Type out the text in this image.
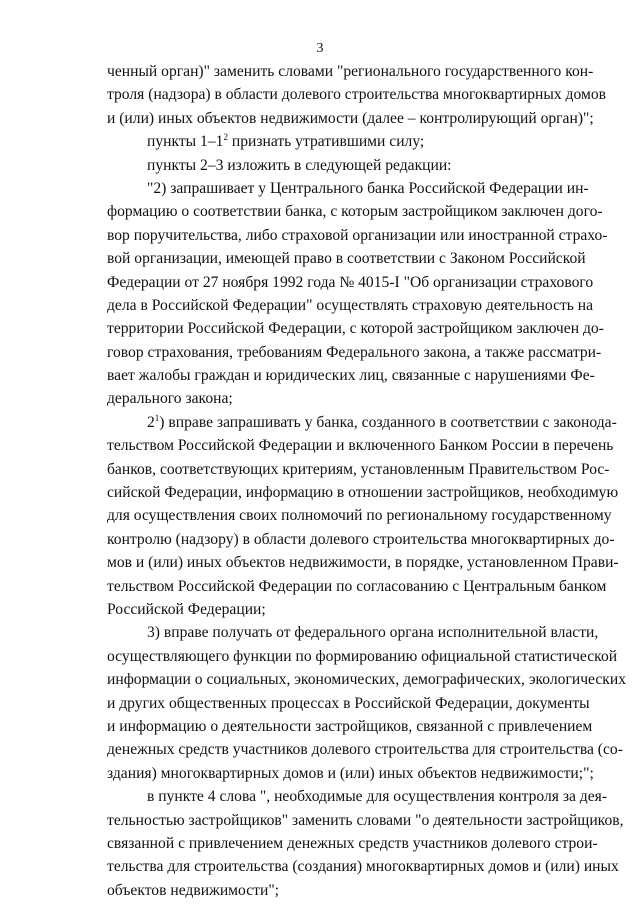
3

ченный орган)" заменить словами "регионального государственного кон-
троля (надзора) в области долевого строительства многоквартирных домов
и (или) иных объектов недвижимости (далее – контролирующий орган)";

пункты $1-1^2$ признать утратившими силу;

пункты 2–3 изложить в следующей редакции:

"2) запрашивает у Центрального банка Российской Федерации ин-
формацию о соответствии банка, с которым застройщиком заключен дого-
вор поручительства, либо страховой организации или иностранной страхо-
вой организации, имеющей право в соответствии с Законом Российской
Федерации от 27 ноября 1992 года № 4015-I "Об организации страхового
дела в Российской Федерации" осуществлять страховую деятельность на
территории Российской Федерации, с которой застройщиком заключен до-
говор страхования, требованиям Федерального закона, а также рассматри-
вает жалобы граждан и юридических лиц, связанные с нарушениями Фе-
дерального закона;

$2^1$) вправе запрашивать у банка, созданного в соответствии с законода-
тельством Российской Федерации и включенного Банком России в перечень
банков, соответствующих критериям, установленным Правительством Рос-
сийской Федерации, информацию в отношении застройщиков, необходимую
для осуществления своих полномочий по региональному государственному
контролю (надзору) в области долевого строительства многоквартирных до-
мов и (или) иных объектов недвижимости, в порядке, установленном Прави-
тельством Российской Федерации по согласованию с Центральным банком
Российской Федерации;

3) вправе получать от федерального органа исполнительной власти,
осуществляющего функции по формированию официальной статистической
информации о социальных, экономических, демографических, экологических
и других общественных процессах в Российской Федерации, документы
и информацию о деятельности застройщиков, связанной с привлечением
денежных средств участников долевого строительства для строительства (со-
здания) многоквартирных домов и (или) иных объектов недвижимости;";

в пункте 4 слова ", необходимые для осуществления контроля за дея-
тельностью застройщиков" заменить словами "о деятельности застройщиков,
связанной с привлечением денежных средств участников долевого строи-
тельства для строительства (создания) многоквартирных домов и (или) иных
объектов недвижимости";
